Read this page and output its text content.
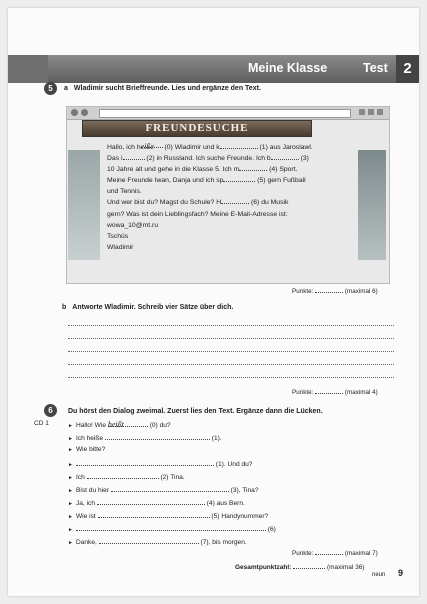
Meine Klasse	Test	2
5	a Wladimir sucht Brieffreunde. Lies und ergänze den Text.
FREUNDESUCHE
Hallo, ich heiße (0) Wladimir und k	(1) aus Jaroslawl.
Das i	(2) in Russland. Ich suche Freunde. Ich b	(3)
10 Jahre alt und gehe in die Klasse 5. Ich m	(4) Sport.
Meine Freunde Iwan, Danja und ich sp	(5) gern Fußball
und Tennis.
Und wer bist du? Magst du Schule? H	(6) du Musik
gern? Was ist dein Lieblingsfach? Meine E-Mail-Adresse ist:
wowa_10@mt.ru
Tschüs
Wladimir
Punkte:	(maximal 6)
b Antworte Wladimir. Schreib vier Sätze über dich.
Punkte:	(maximal 4)
6
CD 1
Du hörst den Dialog zweimal. Zuerst lies den Text. Ergänze dann die Lücken.
► Hallo! Wie heißt	(0) du?
► Ich heiße	(1).
► Wie bitte?
►	(1). Und du?
► Ich	(2) Tina.
► Bist du hier	(3), Tina?
► Ja, ich	(4) aus Bern.
► Wie ist	(5) Handynummer?
►	(6)
► Danke,	(7), bis morgen.
Punkte:	(maximal 7)
Gesamtpunktzahl:	(maximal 36)
neun 9
